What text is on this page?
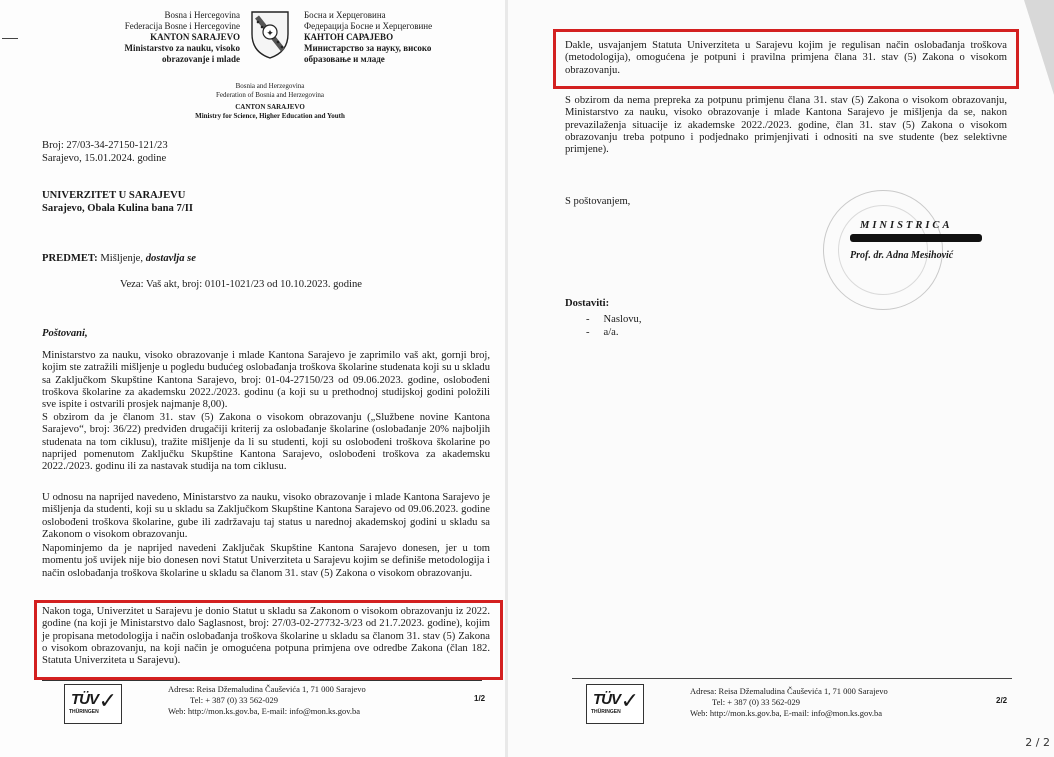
Bosna i Hercegovina
Federacija Bosne i Hercegovine
KANTON SARAJEVO
Ministarstvo za nauku, visoko
obrazovanje i mlade
✦
Босна и Херцеговина
Федерација Босне и Херцеговине
КАНТОН САРАЈЕВО
Министарство за науку, високо
образовање и младе
Bosnia and Herzegovina
Federation of Bosnia and Herzegovina
CANTON SARAJEVO
Ministry for Science, Higher Education and Youth
Broj: 27/03-34-27150-121/23
Sarajevo, 15.01.2024. godine
UNIVERZITET U SARAJEVU
Sarajevo, Obala Kulina bana 7/II
PREDMET: Mišljenje, dostavlja se
Veza: Vaš akt, broj: 0101-1021/23 od 10.10.2023. godine
Poštovani,
Ministarstvo za nauku, visoko obrazovanje i mlade Kantona Sarajevo je zaprimilo vaš akt, gornji broj, kojim ste zatražili mišljenje u pogledu budućeg oslobađanja troškova školarine studenata koji su u skladu sa Zaključkom Skupštine Kantona Sarajevo, broj: 01-04-27150/23 od 09.06.2023. godine, oslobođeni troškova školarine za akademsku 2022./2023. godinu (a koji su u prethodnoj studijskoj godini položili sve ispite i ostvarili prosjek najmanje 8,00).
S obzirom da je članom 31. stav (5) Zakona o visokom obrazovanju („Službene novine Kantona Sarajevo“, broj: 36/22) predviđen drugačiji kriterij za oslobađanje školarine (oslobađanje 20% najboljih studenata na tom ciklusu), tražite mišljenje da li su studenti, koji su oslobođeni troškova školarine po naprijed pomenutom Zaključku Skupštine Kantona Sarajevo, oslobođeni troškova za akademsku 2022./2023. godinu ili za nastavak studija na tom ciklusu.
U odnosu na naprijed navedeno, Ministarstvo za nauku, visoko obrazovanje i mlade Kantona Sarajevo je mišljenja da studenti, koji su u skladu sa Zaključkom Skupštine Kantona Sarajevo od 09.06.2023. godine oslobođeni troškova školarine, gube ili zadržavaju taj status u narednoj akademskoj godini u skladu sa Zakonom o visokom obrazovanju.
Napominjemo da je naprijed navedeni Zaključak Skupštine Kantona Sarajevo donesen, jer u tom momentu još uvijek nije bio donesen novi Statut Univerziteta u Sarajevu kojim se definiše metodologija i način oslobađanja troškova školarine u skladu sa članom 31. stav (5) Zakona o visokom obrazovanju.
Nakon toga, Univerzitet u Sarajevu je donio Statut u skladu sa Zakonom o visokom obrazovanju iz 2022. godine (na koji je Ministarstvo dalo Saglasnost, broj: 27/03-02-27732-3/23 od 21.7.2023. godine), kojim je propisana metodologija i način oslobađanja troškova školarine u skladu sa članom 31. stav (5) Zakona o visokom obrazovanju, na koji način je omogućena potpuna primjena ove odredbe Zakona (član 182. Statuta Univerziteta u Sarajevu).
TÜV
THÜRINGEN ✓	Adresa: Reisa Džemaludina Čauševića 1, 71 000 Sarajevo
Tel: + 387 (0) 33 562-029
Web: http://mon.ks.gov.ba, E-mail: info@mon.ks.gov.ba
1/2
Dakle, usvajanjem Statuta Univerziteta u Sarajevu kojim je regulisan način oslobađanja troškova (metodologija), omogućena je potpuni i pravilna primjena člana 31. stav (5) Zakona o visokom obrazovanju.
S obzirom da nema prepreka za potpunu primjenu člana 31. stav (5) Zakona o visokom obrazovanju, Ministarstvo za nauku, visoko obrazovanje i mlade Kantona Sarajevo je mišljenja da se, nakon prevazilaženja situacije iz akademske 2022./2023. godine, član 31. stav (5) Zakona o visokom obrazovanju treba potpuno i podjednako primjenjivati i odnositi na sve studente (bez selektivne primjene).
S poštovanjem,
MINISTRICA
Prof. dr. Adna Mesihović
Dostaviti:
- Naslovu,
- a/a.
TÜV
THÜRINGEN ✓	Adresa: Reisa Džemaludina Čauševića 1, 71 000 Sarajevo
Tel: + 387 (0) 33 562-029
Web: http://mon.ks.gov.ba, E-mail: info@mon.ks.gov.ba
2/2
2 / 2
